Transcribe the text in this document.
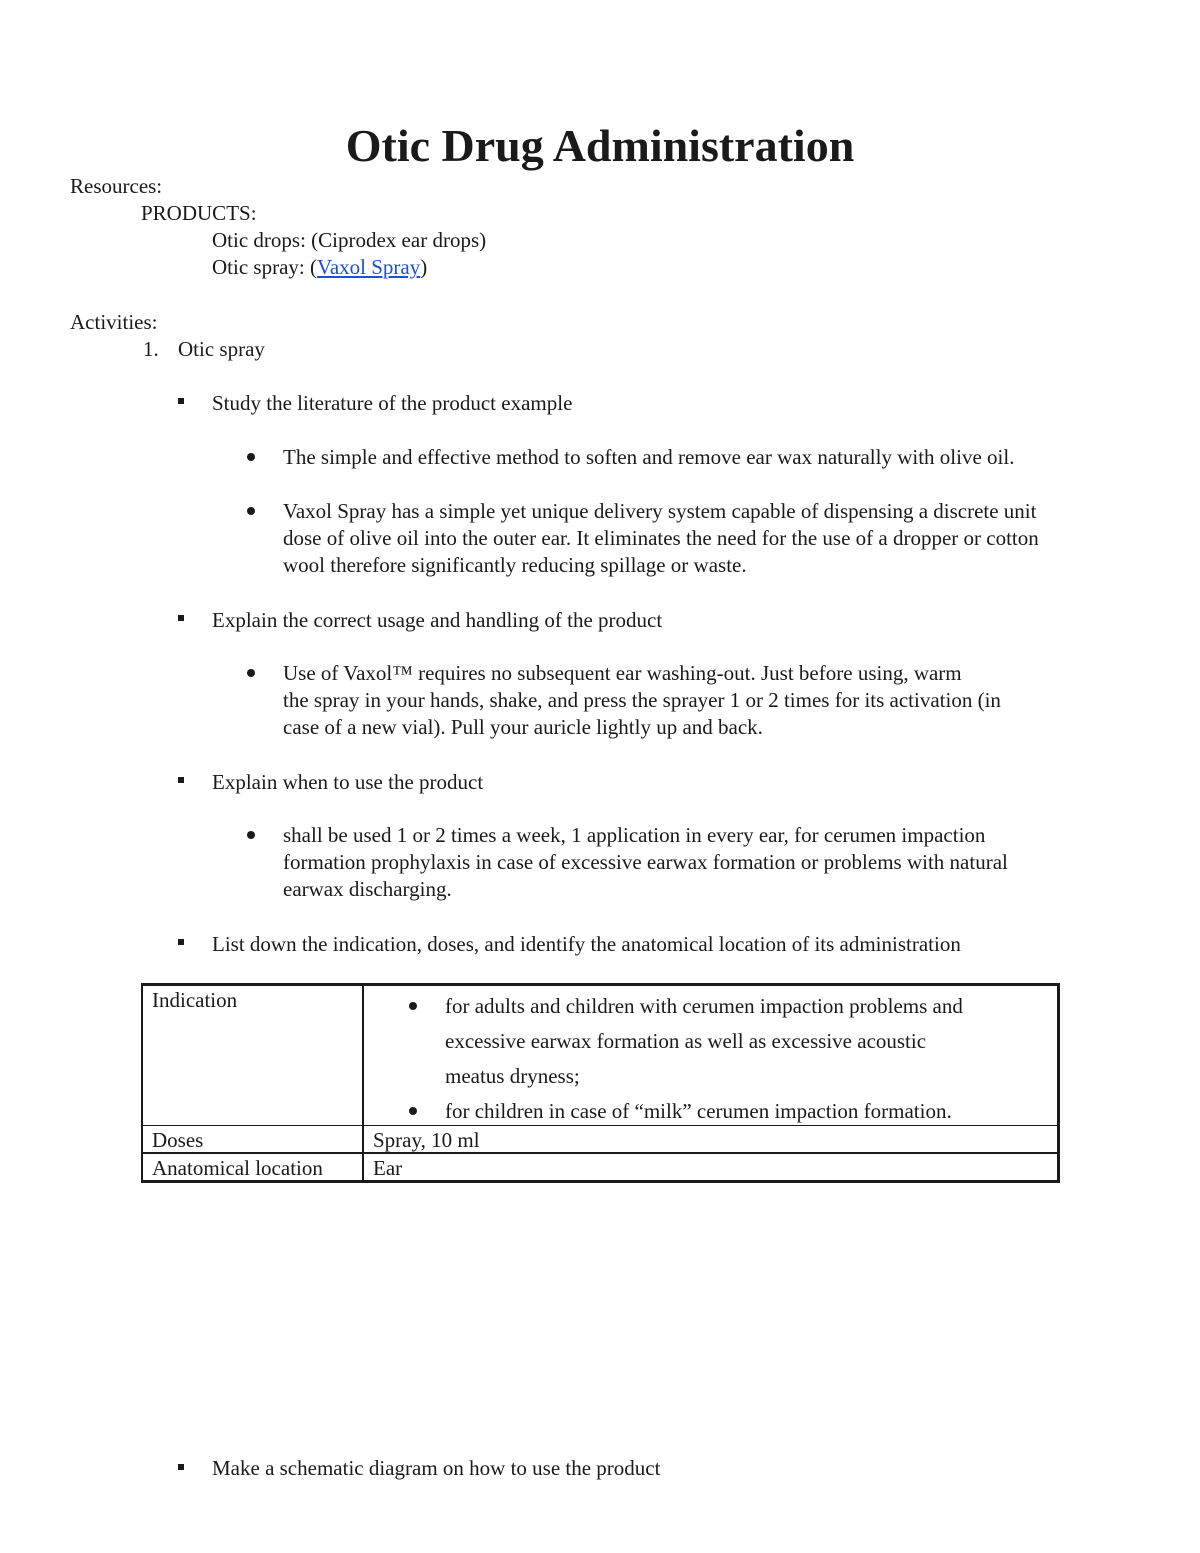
Otic Drug Administration
Resources:
PRODUCTS:
Otic drops: (Ciprodex ear drops)
Otic spray: (Vaxol Spray)
Activities:
1. Otic spray
Study the literature of the product example
The simple and effective method to soften and remove ear wax naturally with olive oil.
Vaxol Spray has a simple yet unique delivery system capable of dispensing a discrete unit
dose of olive oil into the outer ear. It eliminates the need for the use of a dropper or cotton
wool therefore significantly reducing spillage or waste.
Explain the correct usage and handling of the product
Use of Vaxol™ requires no subsequent ear washing-out. Just before using, warm
the spray in your hands, shake, and press the sprayer 1 or 2 times for its activation (in
case of a new vial). Pull your auricle lightly up and back.
Explain when to use the product
shall be used 1 or 2 times a week, 1 application in every ear, for cerumen impaction
formation prophylaxis in case of excessive earwax formation or problems with natural
earwax discharging.
List down the indication, doses, and identify the anatomical location of its administration
Indication	for adults and children with cerumen impaction problems and
excessive earwax formation as well as excessive acoustic
meatus dryness;
for children in case of “milk” cerumen impaction formation.
Doses	Spray, 10 ml
Anatomical location Ear
Make a schematic diagram on how to use the product
